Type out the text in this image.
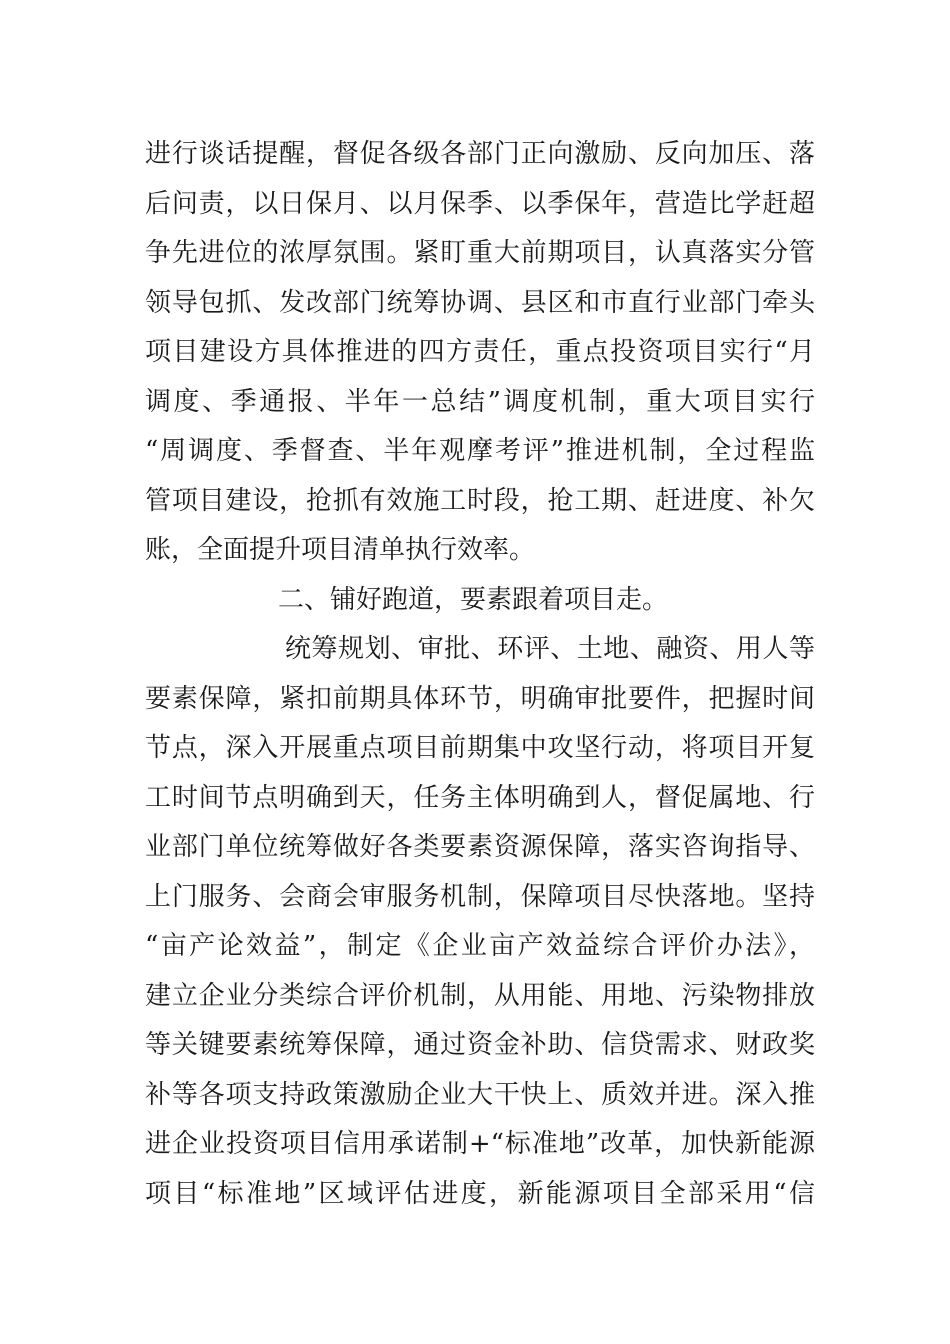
进行谈话提醒，督促各级各部门正向激励、反向加压、落
后问责，以日保月、以月保季、以季保年，营造比学赶超
争先进位的浓厚氛围。紧盯重大前期项目，认真落实分管
领导包抓、发改部门统筹协调、县区和市直行业部门牵头
项目建设方具体推进的四方责任，重点投资项目实行“月
调度、季通报、半年一总结”调度机制，重大项目实行
“周调度、季督查、半年观摩考评”推进机制，全过程监
管项目建设，抢抓有效施工时段，抢工期、赶进度、补欠
账，全面提升项目清单执行效率。
二、铺好跑道，要素跟着项目走。
统筹规划、审批、环评、土地、融资、用人等
要素保障，紧扣前期具体环节，明确审批要件，把握时间
节点，深入开展重点项目前期集中攻坚行动，将项目开复
工时间节点明确到天，任务主体明确到人，督促属地、行
业部门单位统筹做好各类要素资源保障，落实咨询指导、
上门服务、会商会审服务机制，保障项目尽快落地。坚持
“亩产论效益”，制定《企业亩产效益综合评价办法》，
建立企业分类综合评价机制，从用能、用地、污染物排放
等关键要素统筹保障，通过资金补助、信贷需求、财政奖
补等各项支持政策激励企业大干快上、质效并进。深入推
进企业投资项目信用承诺制+“标准地”改革，加快新能源
项目“标准地”区域评估进度，新能源项目全部采用“信
